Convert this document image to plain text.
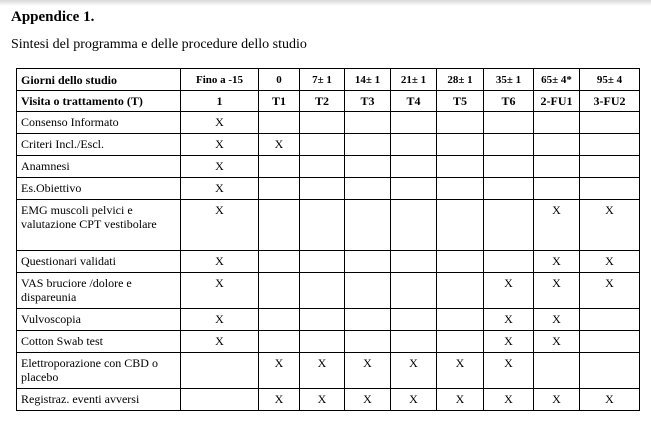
Appendice 1.

Sintesi del programma e delle procedure dello studio

Giorni dello studio	Fino a -15	0	7± 1	14± 1	21± 1	28± 1	35± 1	65± 4*	95± 4
Visita o trattamento (T)	1	T1	T2	T3	T4	T5	T6	2-FU1	3-FU2
Consenso Informato	X								
Criteri Incl./Escl.	X	X							
Anamnesi	X								
Es.Obiettivo	X								
EMG muscoli pelvici e valutazione CPT vestibolare	X							X	X
Questionari validati	X							X	X
VAS bruciore /dolore e dispareunia	X						X	X	X
Vulvoscopia	X						X	X	
Cotton Swab test	X						X	X	
Elettroporazione con CBD o placebo		X	X	X	X	X	X		
Registraz. eventi avversi		X	X	X	X	X	X	X	X
